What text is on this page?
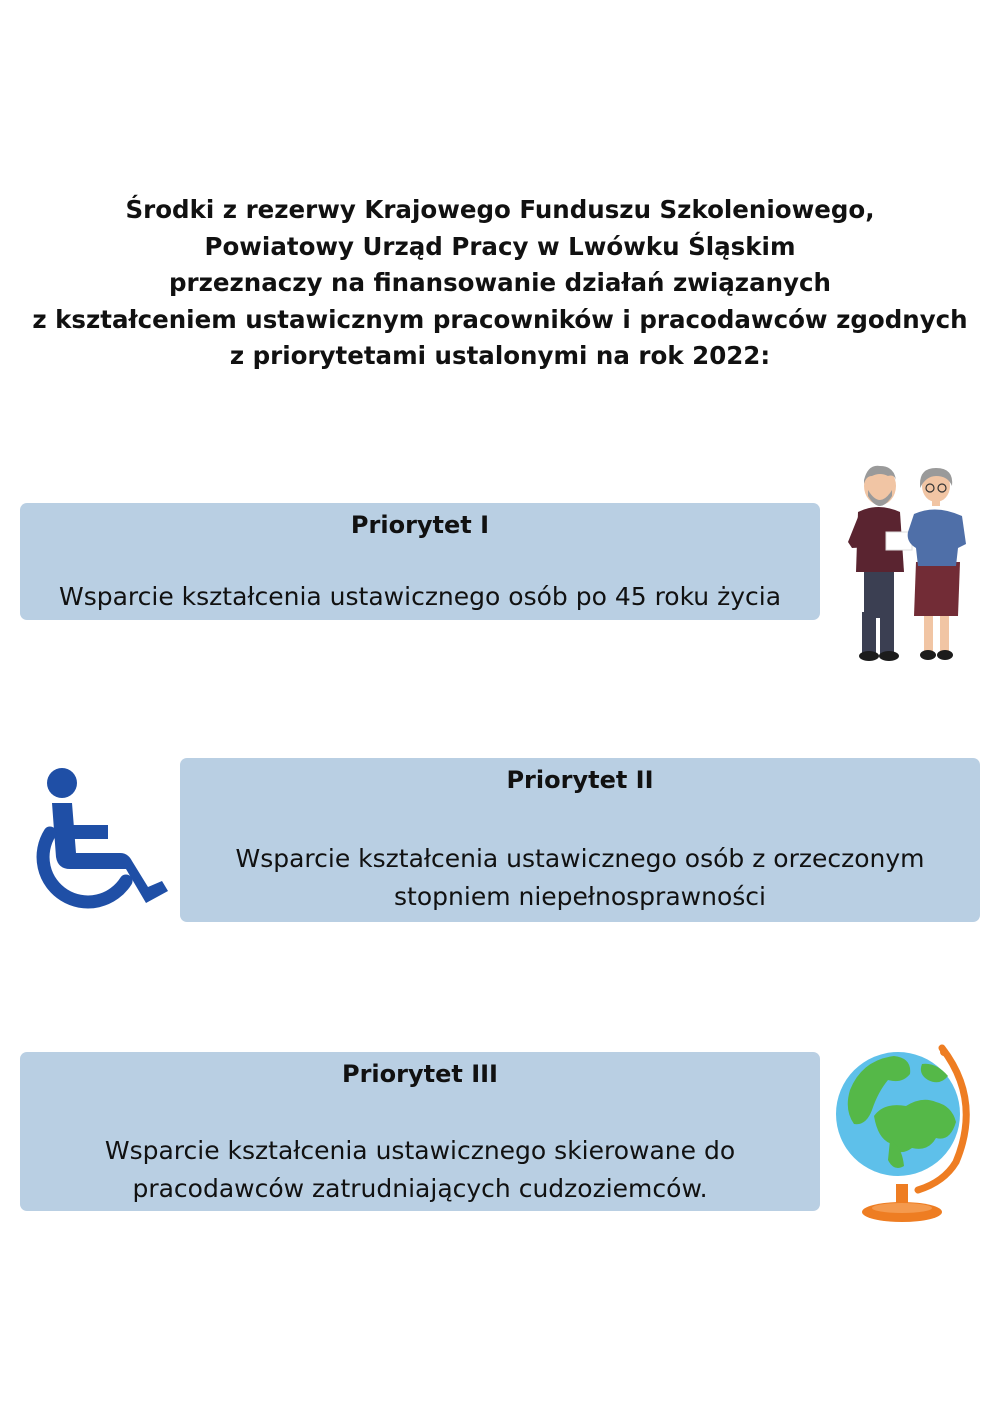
Środki z rezerwy Krajowego Funduszu Szkoleniowego,
Powiatowy Urząd Pracy w Lwówku Śląskim
przeznaczy na finansowanie działań związanych
z kształceniem ustawicznym pracowników i pracodawców zgodnych
z priorytetami ustalonymi na rok 2022:
Priorytet I
Wsparcie kształcenia ustawicznego osób po 45 roku życia
Priorytet II
Wsparcie kształcenia ustawicznego osób z orzeczonym
stopniem niepełnosprawności
Priorytet III
Wsparcie kształcenia ustawicznego skierowane do
pracodawców zatrudniających cudzoziemców.
